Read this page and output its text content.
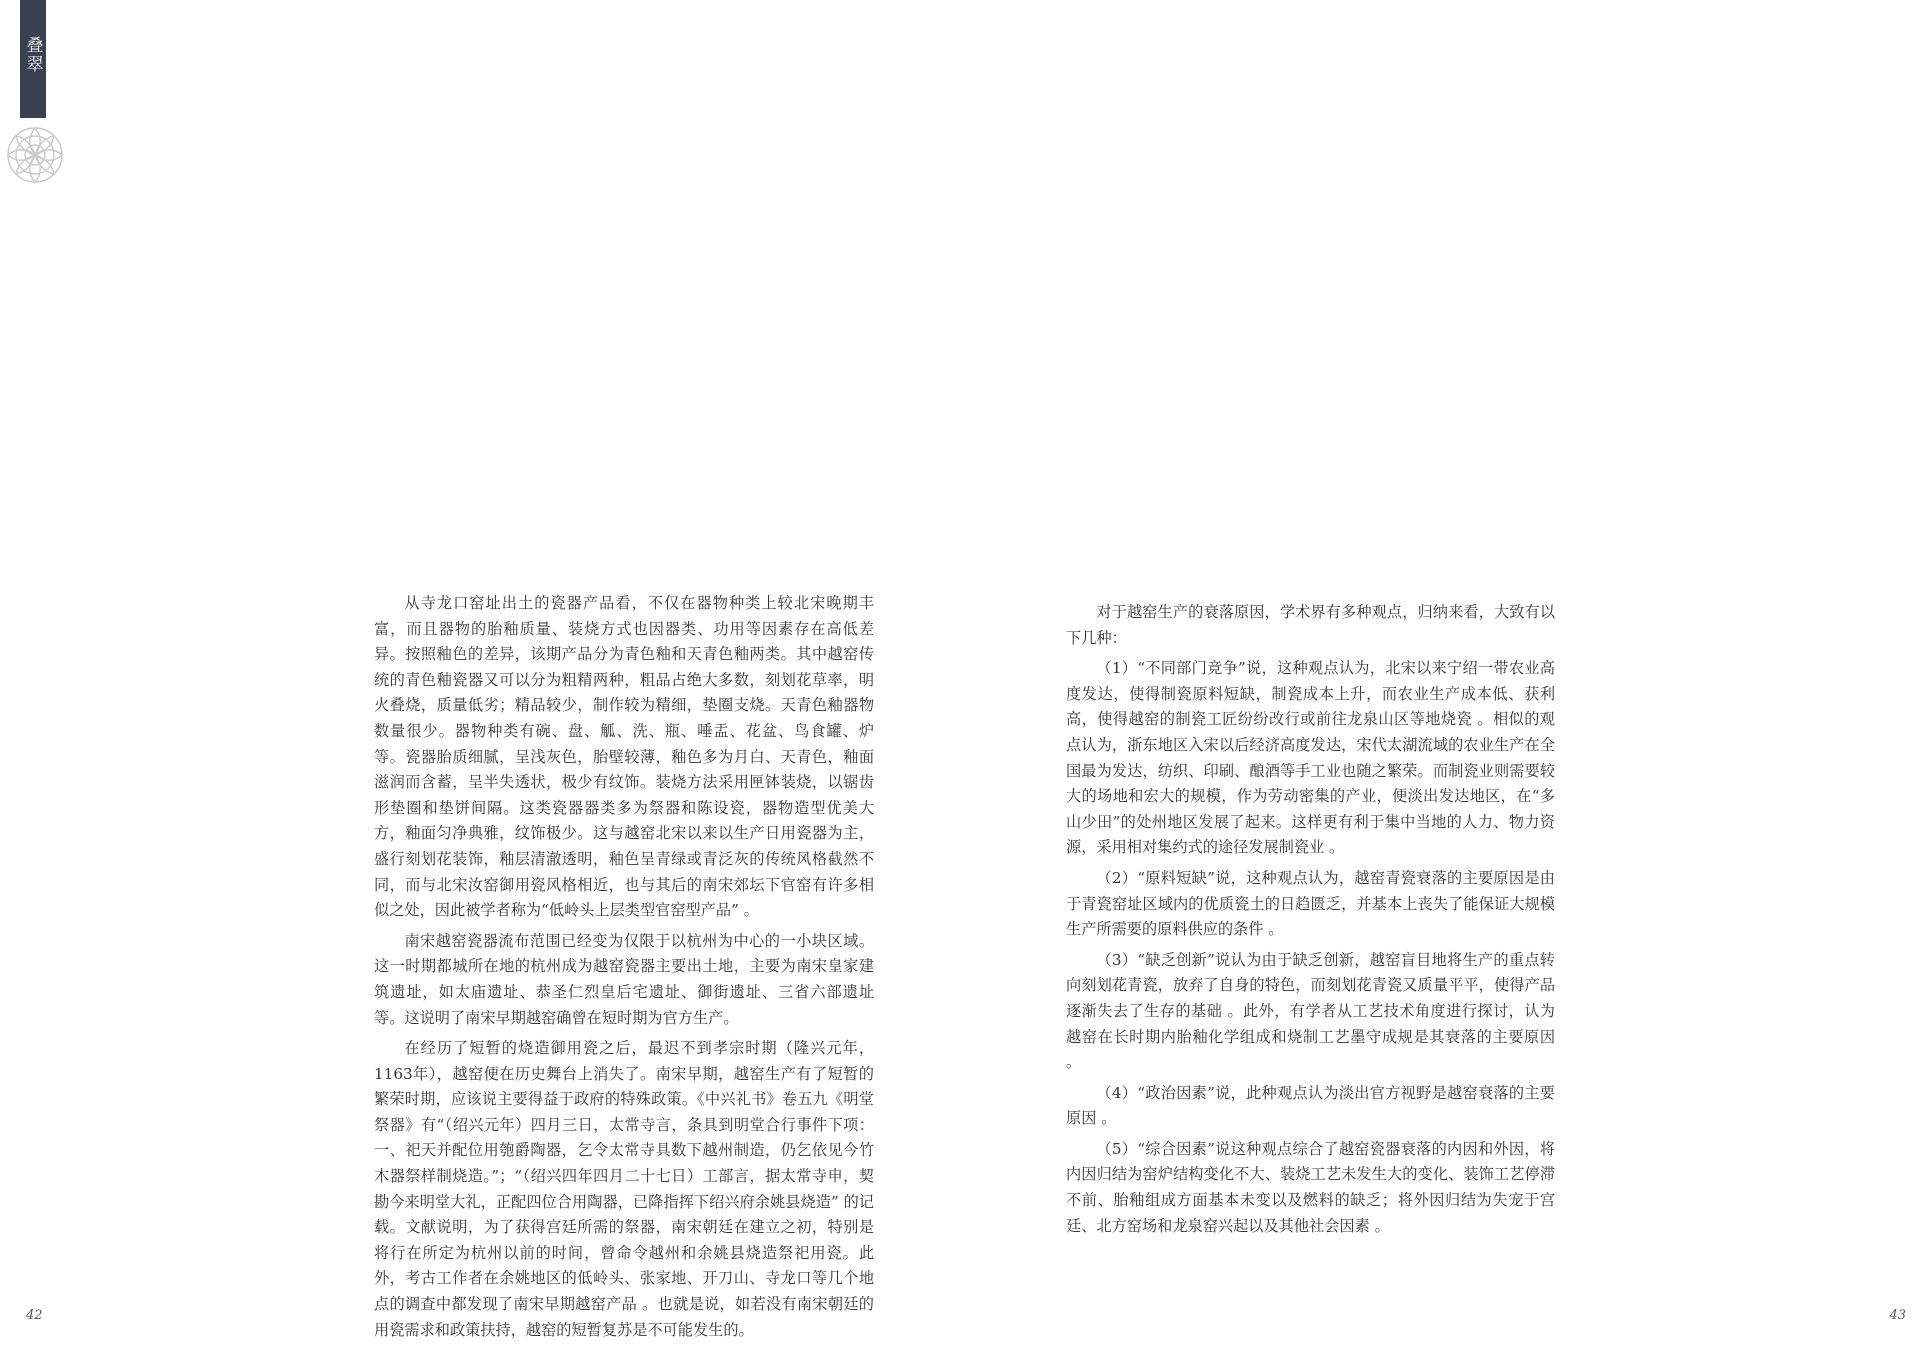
叠翠

从寺龙口窑址出土的瓷器产品看，不仅在器物种类上较北宋晚期丰富，而且器物的胎釉质量、装烧方式也因器类、功用等因素存在高低差异。按照釉色的差异，该期产品分为青色釉和天青色釉两类。其中越窑传统的青色釉瓷器又可以分为粗精两种，粗品占绝大多数，刻划花草率，明火叠烧，质量低劣；精品较少，制作较为精细，垫圈支烧。天青色釉器物数量很少。器物种类有碗、盘、觚、洗、瓶、唾盂、花盆、鸟食罐、炉等。瓷器胎质细腻，呈浅灰色，胎壁较薄，釉色多为月白、天青色，釉面滋润而含蓄，呈半失透状，极少有纹饰。装烧方法采用匣钵装烧，以锯齿形垫圈和垫饼间隔。这类瓷器器类多为祭器和陈设瓷，器物造型优美大方，釉面匀净典雅，纹饰极少。这与越窑北宋以来以生产日用瓷器为主，盛行刻划花装饰，釉层清澈透明，釉色呈青绿或青泛灰的传统风格截然不同，而与北宋汝窑御用瓷风格相近，也与其后的南宋郊坛下官窑有许多相似之处，因此被学者称为“低岭头上层类型官窑型产品” 。

南宋越窑瓷器流布范围已经变为仅限于以杭州为中心的一小块区域。这一时期都城所在地的杭州成为越窑瓷器主要出土地，主要为南宋皇家建筑遗址，如太庙遗址、恭圣仁烈皇后宅遗址、御街遗址、三省六部遗址等。这说明了南宋早期越窑确曾在短时期为官方生产。

在经历了短暂的烧造御用瓷之后，最迟不到孝宗时期（隆兴元年，1163年），越窑便在历史舞台上消失了。南宋早期，越窑生产有了短暂的繁荣时期，应该说主要得益于政府的特殊政策。《中兴礼书》卷五九《明堂祭器》有“（绍兴元年）四月三日，太常寺言，条具到明堂合行事件下项：一、祀天并配位用匏爵陶器，乞令太常寺具数下越州制造，仍乞依见今竹木器祭样制烧造。”；“（绍兴四年四月二十七日）工部言，据太常寺申，契勘今来明堂大礼，正配四位合用陶器，已降指挥下绍兴府余姚县烧造” 的记载。文献说明，为了获得宫廷所需的祭器，南宋朝廷在建立之初，特别是将行在所定为杭州以前的时间，曾命令越州和余姚县烧造祭祀用瓷。此外，考古工作者在余姚地区的低岭头、张家地、开刀山、寺龙口等几个地点的调查中都发现了南宋早期越窑产品 。也就是说，如若没有南宋朝廷的用瓷需求和政策扶持，越窑的短暂复苏是不可能发生的。

42

对于越窑生产的衰落原因，学术界有多种观点，归纳来看，大致有以下几种：

（1）“不同部门竞争”说，这种观点认为，北宋以来宁绍一带农业高度发达，使得制瓷原料短缺，制瓷成本上升，而农业生产成本低、获利高，使得越窑的制瓷工匠纷纷改行或前往龙泉山区等地烧瓷 。相似的观点认为，浙东地区入宋以后经济高度发达，宋代太湖流域的农业生产在全国最为发达，纺织、印刷、酿酒等手工业也随之繁荣。而制瓷业则需要较大的场地和宏大的规模，作为劳动密集的产业，便淡出发达地区，在“多山少田”的处州地区发展了起来。这样更有利于集中当地的人力、物力资源，采用相对集约式的途径发展制瓷业 。

（2）“原料短缺”说，这种观点认为，越窑青瓷衰落的主要原因是由于青瓷窑址区域内的优质瓷土的日趋匮乏，并基本上丧失了能保证大规模生产所需要的原料供应的条件 。

（3）“缺乏创新”说认为由于缺乏创新，越窑盲目地将生产的重点转向刻划花青瓷，放弃了自身的特色，而刻划花青瓷又质量平平，使得产品逐渐失去了生存的基础 。此外，有学者从工艺技术角度进行探讨，认为越窑在长时期内胎釉化学组成和烧制工艺墨守成规是其衰落的主要原因 。

（4）“政治因素”说，此种观点认为淡出官方视野是越窑衰落的主要原因 。

（5）“综合因素”说这种观点综合了越窑瓷器衰落的内因和外因，将内因归结为窑炉结构变化不大、装烧工艺未发生大的变化、装饰工艺停滞不前、胎釉组成方面基本未变以及燃料的缺乏；将外因归结为失宠于宫廷、北方窑场和龙泉窑兴起以及其他社会因素 。

43
